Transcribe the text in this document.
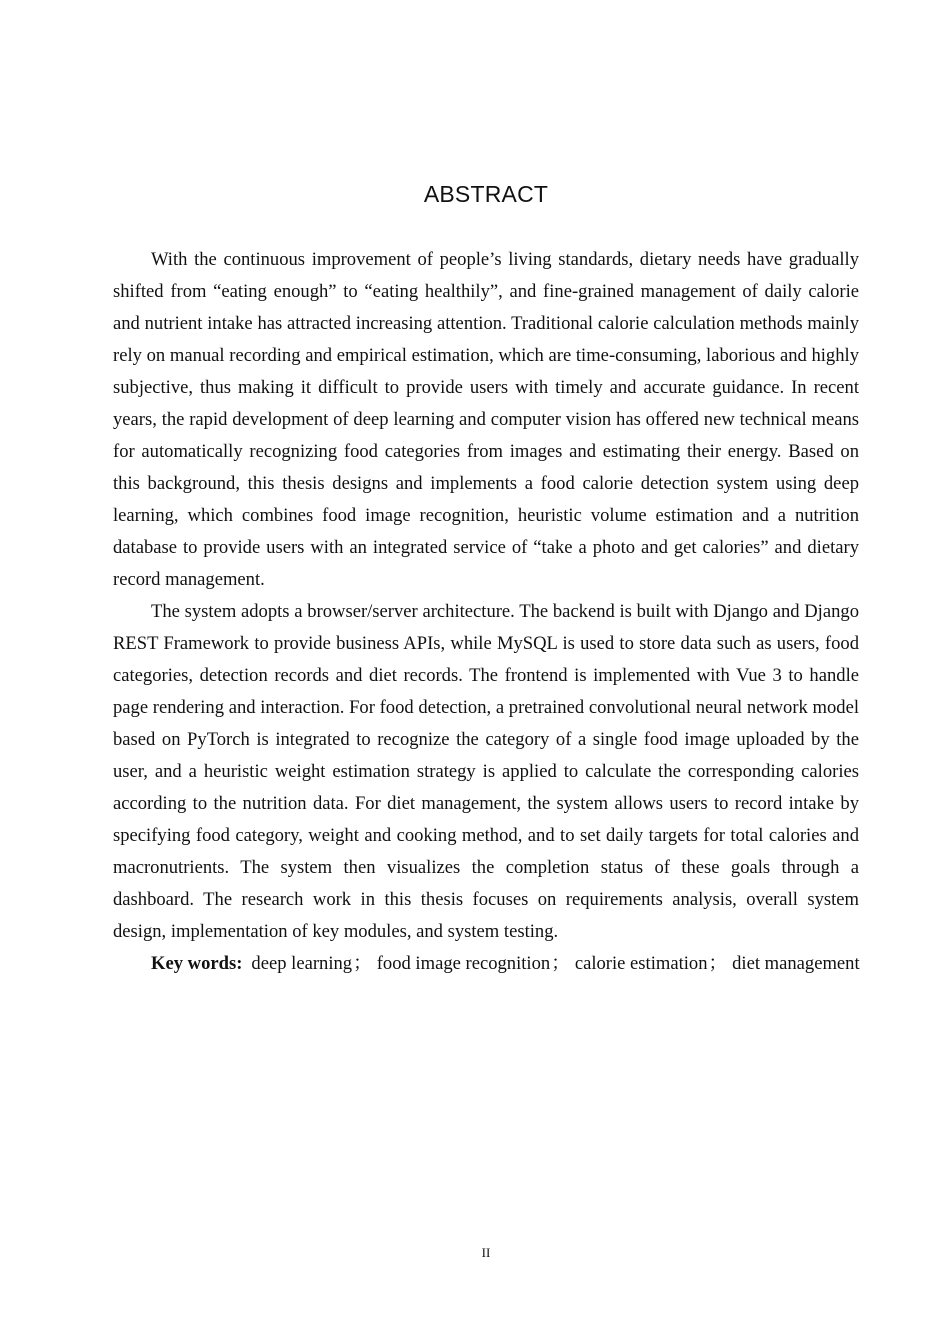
ABSTRACT

With the continuous improvement of people’s living standards, dietary needs have gradually shifted from “eating enough” to “eating healthily”, and fine-grained management of daily calorie and nutrient intake has attracted increasing attention. Traditional calorie calculation methods mainly rely on manual recording and empirical estimation, which are time-consuming, laborious and highly subjective, thus making it difficult to provide users with timely and accurate guidance. In recent years, the rapid development of deep learning and computer vision has offered new technical means for automatically recognizing food categories from images and estimating their energy. Based on this background, this thesis designs and implements a food calorie detection system using deep learning, which combines food image recognition, heuristic volume estimation and a nutrition database to provide users with an integrated service of “take a photo and get calories” and dietary record management.

The system adopts a browser/server architecture. The backend is built with Django and Django REST Framework to provide business APIs, while MySQL is used to store data such as users, food categories, detection records and diet records. The frontend is implemented with Vue 3 to handle page rendering and interaction. For food detection, a pretrained convolutional neural network model based on PyTorch is integrated to recognize the category of a single food image uploaded by the user, and a heuristic weight estimation strategy is applied to calculate the corresponding calories according to the nutrition data. For diet management, the system allows users to record intake by specifying food category, weight and cooking method, and to set daily targets for total calories and macronutrients. The system then visualizes the completion status of these goals through a dashboard. The research work in this thesis focuses on requirements analysis, overall system design, implementation of key modules, and system testing.

Key words: deep learning； food image recognition； calorie estimation； diet management

II
